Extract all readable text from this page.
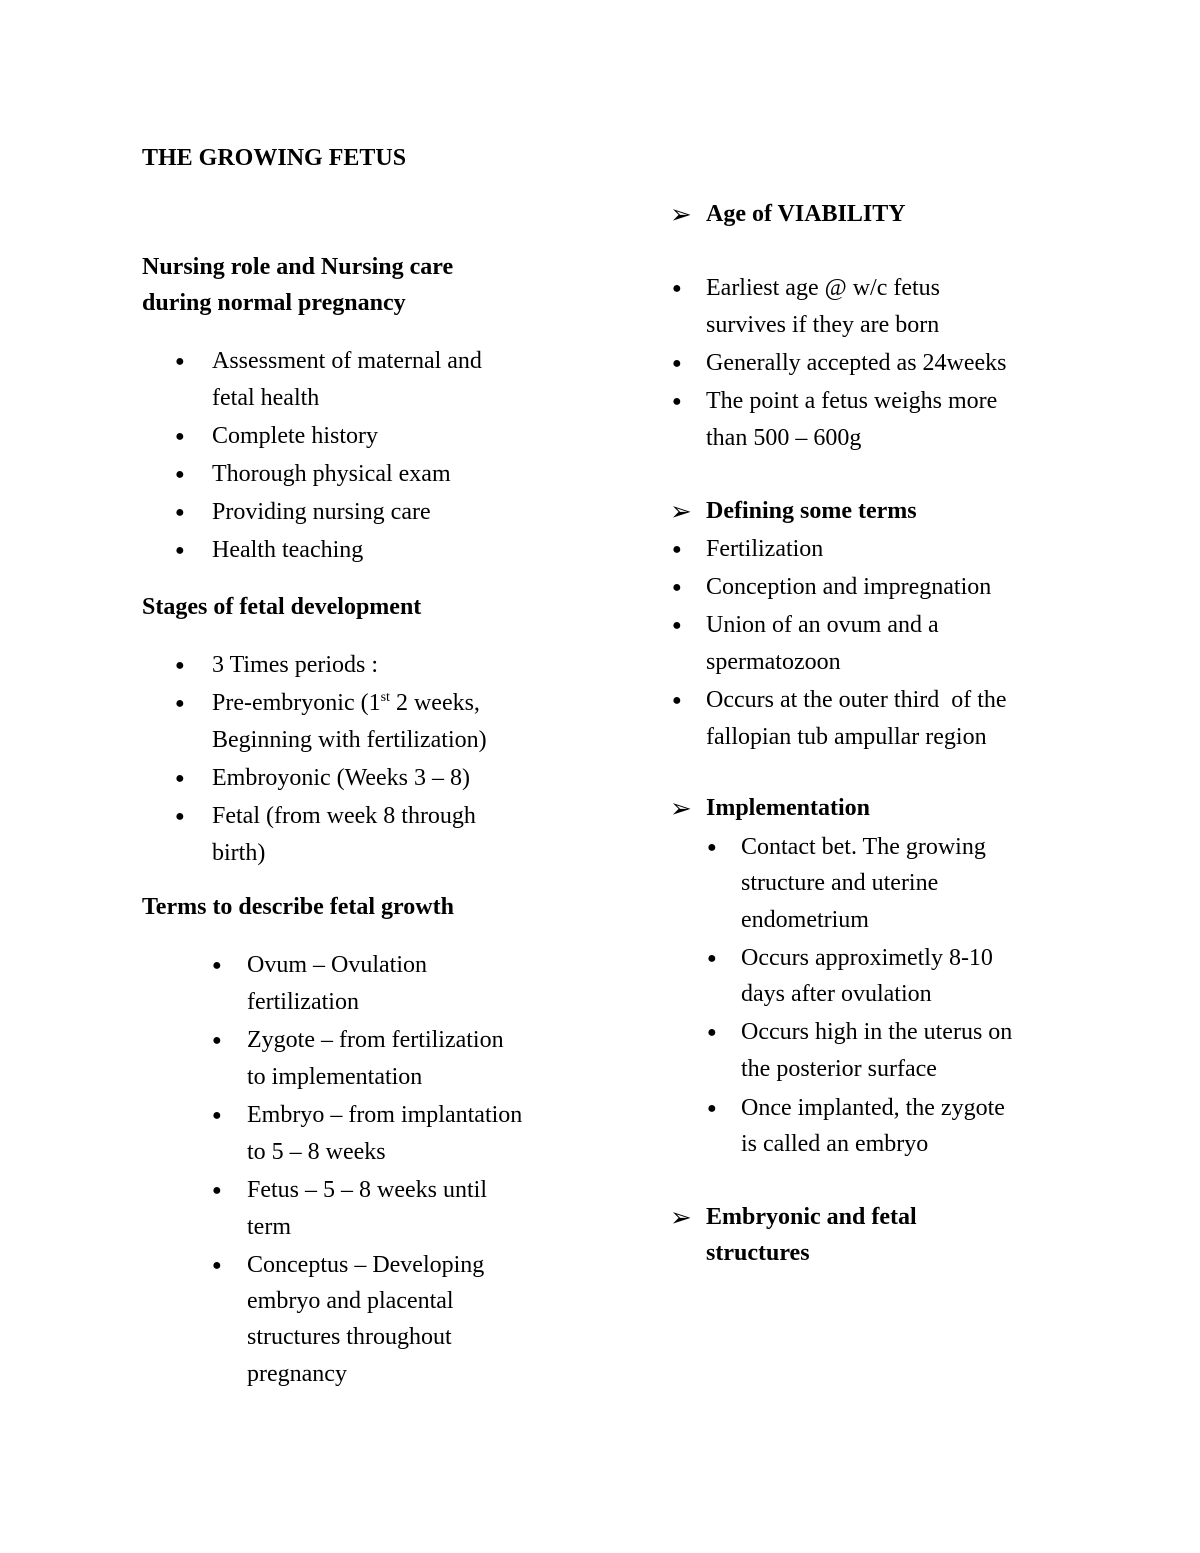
THE GROWING FETUS
Nursing role and Nursing care
during normal pregnancy
● Assessment of maternal and
fetal health
● Complete history
● Thorough physical exam
● Providing nursing care
● Health teaching
Stages of fetal development
● 3 Times periods :
● Pre-embryonic (1st 2 weeks,
Beginning with fertilization)
● Embroyonic (Weeks 3 – 8)
● Fetal (from week 8 through
birth)
Terms to describe fetal growth
● Ovum – Ovulation
fertilization
● Zygote – from fertilization
to implementation
● Embryo – from implantation
to 5 – 8 weeks
● Fetus – 5 – 8 weeks until
term
● Conceptus – Developing
embryo and placental
structures throughout
pregnancy
➢ Age of VIABILITY
● Earliest age @ w/c fetus
survives if they are born
● Generally accepted as 24weeks
● The point a fetus weighs more
than 500 – 600g
➢ Defining some terms
● Fertilization
● Conception and impregnation
● Union of an ovum and a
spermatozoon
● Occurs at the outer third  of the
fallopian tub ampullar region
➢ Implementation
● Contact bet. The growing
structure and uterine
endometrium
● Occurs approximetly 8-10
days after ovulation
● Occurs high in the uterus on
the posterior surface
● Once implanted, the zygote
is called an embryo
➢ Embryonic and fetal
structures
